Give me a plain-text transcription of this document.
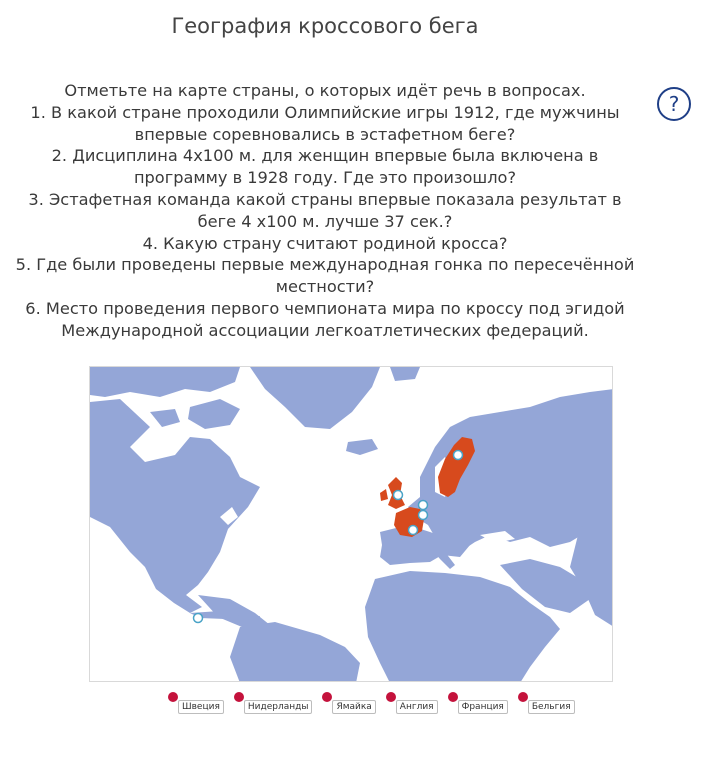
География кроссового бега
?
Отметьте на карте страны, о которых идёт речь в вопросах.
1. В какой стране проходили Олимпийские игры 1912, где мужчины
впервые соревновались в эстафетном беге?
2. Дисциплина 4х100 м. для женщин впервые была включена в
программу в 1928 году. Где это произошло?
3. Эстафетная команда какой страны впервые показала результат в
беге 4 х100 м. лучше 37 сек.?
4. Какую страну считают родиной кросса?
5. Где были проведены первые международная гонка по пересечённой
местности?
6. Место проведения первого чемпионата мира по кроссу под эгидой
Международной ассоциации легкоатлетических федераций.
Швеция	Нидерланды	Ямайка	Англия	Франция	Бельгия
